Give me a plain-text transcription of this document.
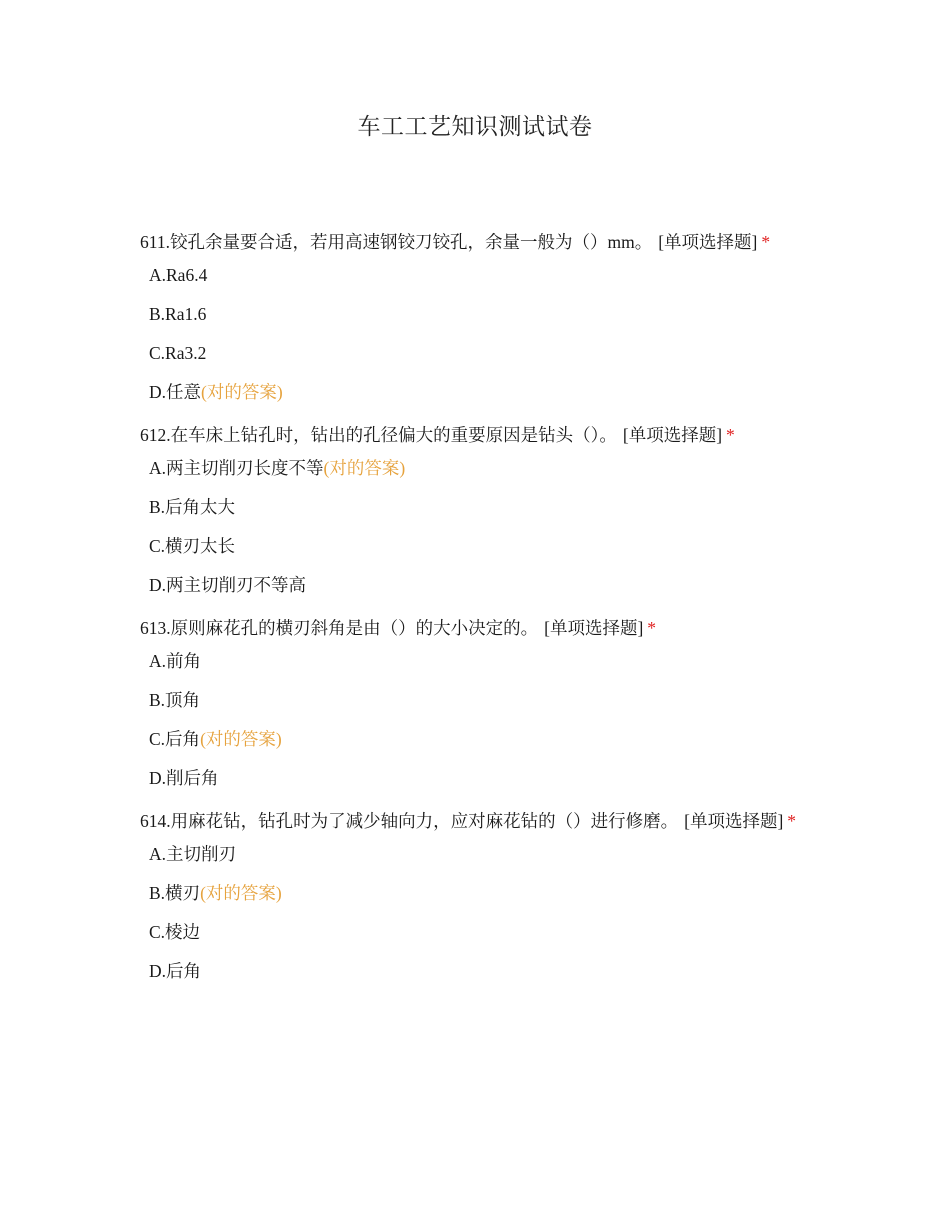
车工工艺知识测试试卷
611.铰孔余量要合适，若用高速钢铰刀铰孔，余量一般为（）mm。 [单项选择题] *
A.Ra6.4
B.Ra1.6
C.Ra3.2
D.任意(对的答案)
612.在车床上钻孔时，钻出的孔径偏大的重要原因是钻头（）。 [单项选择题] *
A.两主切削刃长度不等(对的答案)
B.后角太大
C.横刃太长
D.两主切削刃不等高
613.原则麻花孔的横刃斜角是由（）的大小决定的。 [单项选择题] *
A.前角
B.顶角
C.后角(对的答案)
D.削后角
614.用麻花钻，钻孔时为了减少轴向力，应对麻花钻的（）进行修磨。 [单项选择题] *
A.主切削刃
B.横刃(对的答案)
C.棱边
D.后角
